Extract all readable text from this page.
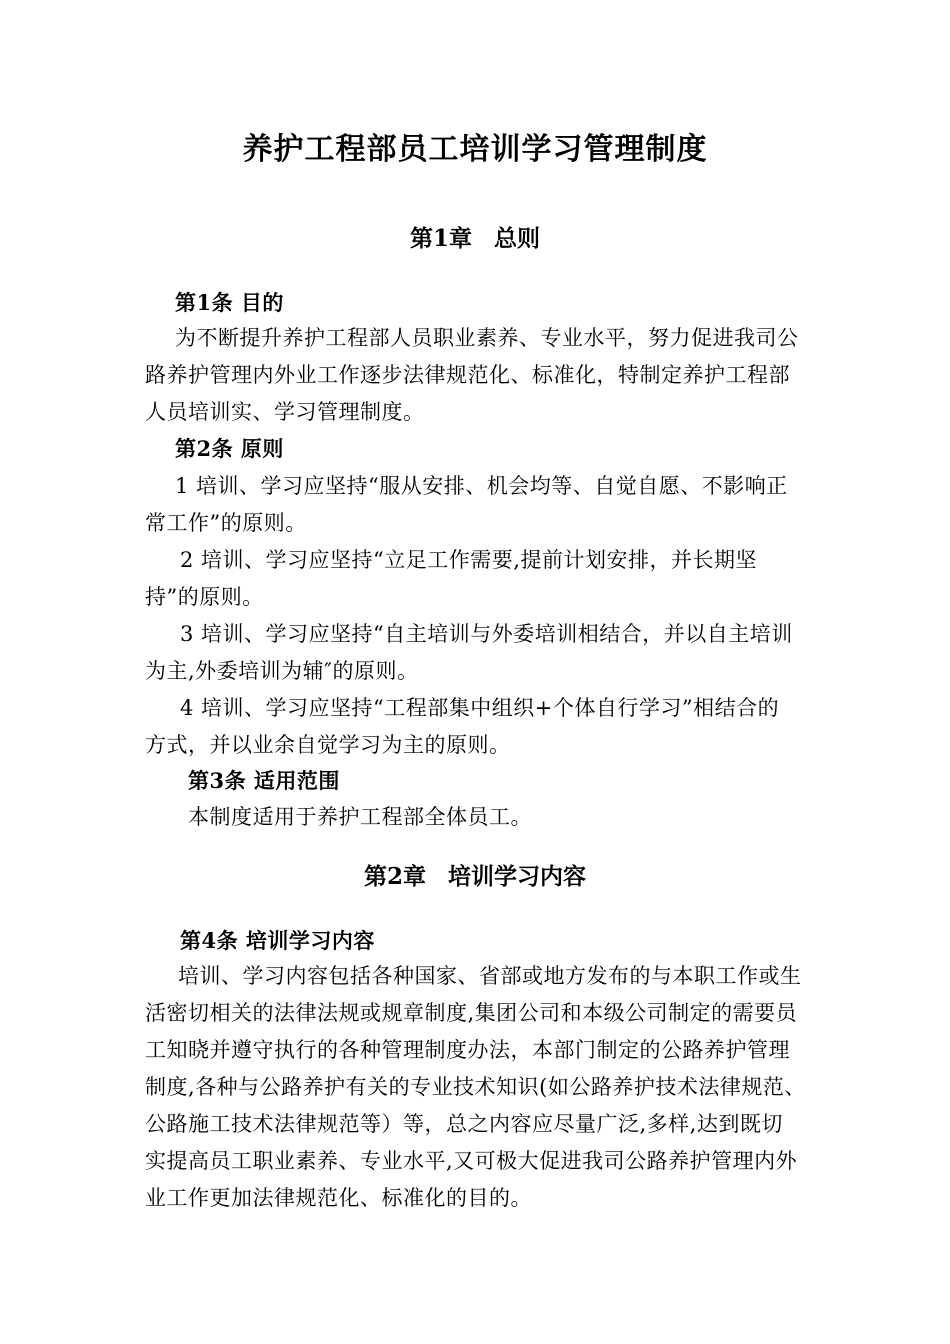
养护工程部员工培训学习管理制度
第1章 总则
第1条 目的
为不断提升养护工程部人员职业素养、专业水平，努力促进我司公
路养护管理内外业工作逐步法律规范化、标准化，特制定养护工程部
人员培训实、学习管理制度。
第2条 原则
1 培训、学习应坚持“服从安排、机会均等、自觉自愿、不影响正
常工作”的原则。
2 培训、学习应坚持“立足工作需要,提前计划安排，并长期坚
持”的原则。
3 培训、学习应坚持“自主培训与外委培训相结合，并以自主培训
为主,外委培训为辅″的原则。
4 培训、学习应坚持“工程部集中组织+个体自行学习”相结合的
方式，并以业余自觉学习为主的原则。
第3条 适用范围
本制度适用于养护工程部全体员工。
第2章 培训学习内容
第4条 培训学习内容
培训、学习内容包括各种国家、省部或地方发布的与本职工作或生
活密切相关的法律法规或规章制度,集团公司和本级公司制定的需要员
工知晓并遵守执行的各种管理制度办法，本部门制定的公路养护管理
制度,各种与公路养护有关的专业技术知识(如公路养护技术法律规范、
公路施工技术法律规范等）等，总之内容应尽量广泛,多样,达到既切
实提高员工职业素养、专业水平,又可极大促进我司公路养护管理内外
业工作更加法律规范化、标准化的目的。
